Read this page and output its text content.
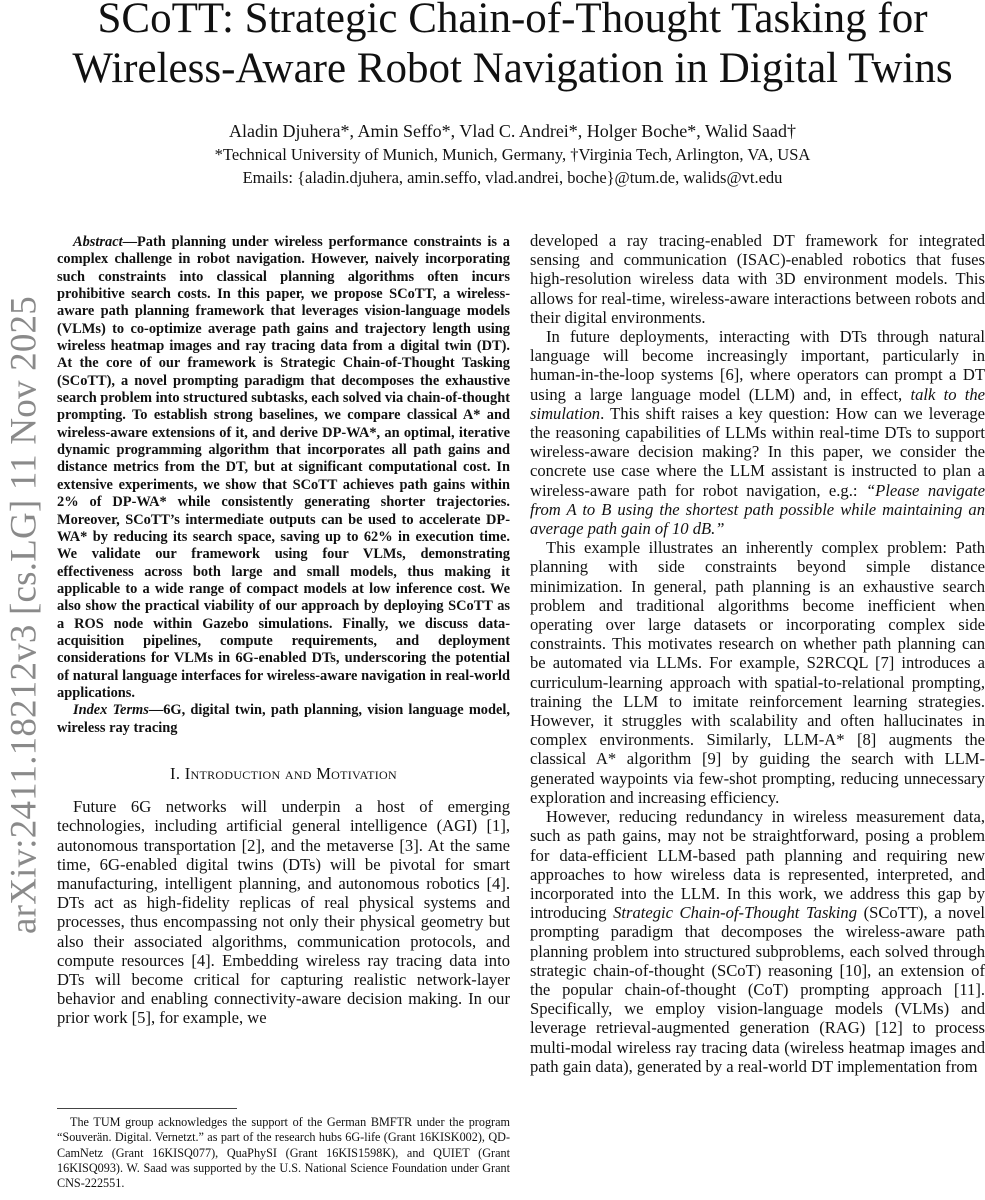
arXiv:2411.18212v3 [cs.LG] 11 Nov 2025
SCoTT: Strategic Chain-of-Thought Tasking for
Wireless-Aware Robot Navigation in Digital Twins
Aladin Djuhera*, Amin Seffo*, Vlad C. Andrei*, Holger Boche*, Walid Saad†
*Technical University of Munich, Munich, Germany, †Virginia Tech, Arlington, VA, USA
Emails: {aladin.djuhera, amin.seffo, vlad.andrei, boche}@tum.de, walids@vt.edu

Abstract—Path planning under wireless performance constraints is a complex challenge in robot navigation. However, naively incorporating such constraints into classical planning algorithms often incurs prohibitive search costs. In this paper, we propose SCoTT, a wireless-aware path planning framework that leverages vision-language models (VLMs) to co-optimize average path gains and trajectory length using wireless heatmap images and ray tracing data from a digital twin (DT). At the core of our framework is Strategic Chain-of-Thought Tasking (SCoTT), a novel prompting paradigm that decomposes the exhaustive search problem into structured subtasks, each solved via chain-of-thought prompting. To establish strong baselines, we compare classical A* and wireless-aware extensions of it, and derive DP-WA*, an optimal, iterative dynamic programming algorithm that incorporates all path gains and distance metrics from the DT, but at significant computational cost. In extensive experiments, we show that SCoTT achieves path gains within 2% of DP-WA* while consistently generating shorter trajectories. Moreover, SCoTT’s intermediate outputs can be used to accelerate DP-WA* by reducing its search space, saving up to 62% in execution time. We validate our framework using four VLMs, demonstrating effectiveness across both large and small models, thus making it applicable to a wide range of compact models at low inference cost. We also show the practical viability of our approach by deploying SCoTT as a ROS node within Gazebo simulations. Finally, we discuss data-acquisition pipelines, compute requirements, and deployment considerations for VLMs in 6G-enabled DTs, underscoring the potential of natural language interfaces for wireless-aware navigation in real-world applications.

Index Terms—6G, digital twin, path planning, vision language model, wireless ray tracing

I. Introduction and Motivation

Future 6G networks will underpin a host of emerging technologies, including artificial general intelligence (AGI) [1], autonomous transportation [2], and the metaverse [3]. At the same time, 6G-enabled digital twins (DTs) will be pivotal for smart manufacturing, intelligent planning, and autonomous robotics [4]. DTs act as high-fidelity replicas of real physical systems and processes, thus encompassing not only their physical geometry but also their associated algorithms, communication protocols, and compute resources [4]. Embedding wireless ray tracing data into DTs will become critical for capturing realistic network-layer behavior and enabling connectivity-aware decision making. In our prior work [5], for example, we

The TUM group acknowledges the support of the German BMFTR under the program “Souverän. Digital. Vernetzt.” as part of the research hubs 6G-life (Grant 16KISK002), QD-CamNetz (Grant 16KISQ077), QuaPhySI (Grant 16KIS1598K), and QUIET (Grant 16KISQ093). W. Saad was supported by the U.S. National Science Foundation under Grant CNS-222551.

developed a ray tracing-enabled DT framework for integrated sensing and communication (ISAC)-enabled robotics that fuses high-resolution wireless data with 3D environment models. This allows for real-time, wireless-aware interactions between robots and their digital environments.

In future deployments, interacting with DTs through natural language will become increasingly important, particularly in human-in-the-loop systems [6], where operators can prompt a DT using a large language model (LLM) and, in effect, talk to the simulation. This shift raises a key question: How can we leverage the reasoning capabilities of LLMs within real-time DTs to support wireless-aware decision making? In this paper, we consider the concrete use case where the LLM assistant is instructed to plan a wireless-aware path for robot navigation, e.g.: “Please navigate from A to B using the shortest path possible while maintaining an average path gain of 10 dB.”

This example illustrates an inherently complex problem: Path planning with side constraints beyond simple distance minimization. In general, path planning is an exhaustive search problem and traditional algorithms become inefficient when operating over large datasets or incorporating complex side constraints. This motivates research on whether path planning can be automated via LLMs. For example, S2RCQL [7] introduces a curriculum-learning approach with spatial-to-relational prompting, training the LLM to imitate reinforcement learning strategies. However, it struggles with scalability and often hallucinates in complex environments. Similarly, LLM-A* [8] augments the classical A* algorithm [9] by guiding the search with LLM-generated waypoints via few-shot prompting, reducing unnecessary exploration and increasing efficiency.

However, reducing redundancy in wireless measurement data, such as path gains, may not be straightforward, posing a problem for data-efficient LLM-based path planning and requiring new approaches to how wireless data is represented, interpreted, and incorporated into the LLM. In this work, we address this gap by introducing Strategic Chain-of-Thought Tasking (SCoTT), a novel prompting paradigm that decomposes the wireless-aware path planning problem into structured subproblems, each solved through strategic chain-of-thought (SCoT) reasoning [10], an extension of the popular chain-of-thought (CoT) prompting approach [11]. Specifically, we employ vision-language models (VLMs) and leverage retrieval-augmented generation (RAG) [12] to process multi-modal wireless ray tracing data (wireless heatmap images and path gain data), generated by a real-world DT implementation from
